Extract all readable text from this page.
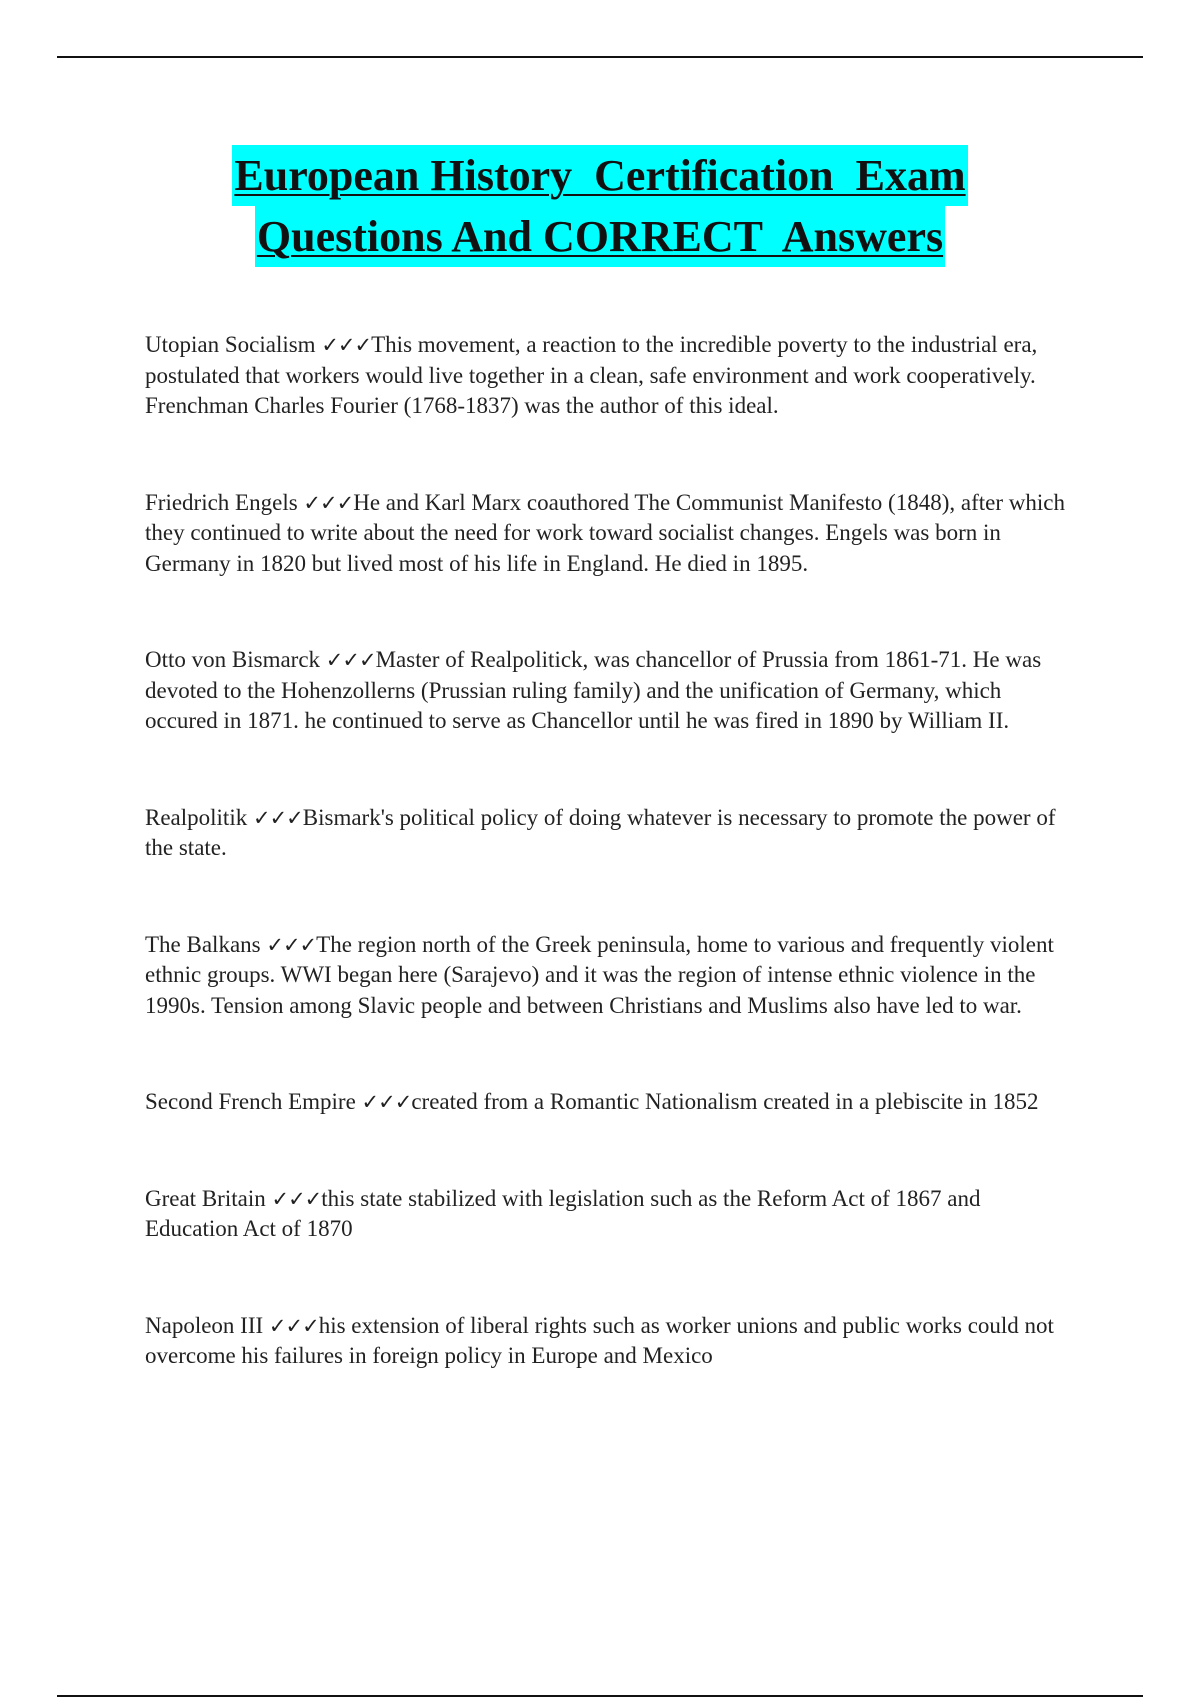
European History  Certification  Exam
Questions And CORRECT  Answers
Utopian Socialism ✓✓✓This movement, a reaction to the incredible poverty to the industrial era, postulated that workers would live together in a clean, safe environment and work cooperatively. Frenchman Charles Fourier (1768-1837) was the author of this ideal.
Friedrich Engels ✓✓✓He and Karl Marx coauthored The Communist Manifesto (1848), after which they continued to write about the need for work toward socialist changes. Engels was born in Germany in 1820 but lived most of his life in England. He died in 1895.
Otto von Bismarck ✓✓✓Master of Realpolitick, was chancellor of Prussia from 1861-71. He was devoted to the Hohenzollerns (Prussian ruling family) and the unification of Germany, which occured in 1871. he continued to serve as Chancellor until he was fired in 1890 by William II.
Realpolitik ✓✓✓Bismark's political policy of doing whatever is necessary to promote the power of the state.
The Balkans ✓✓✓The region north of the Greek peninsula, home to various and frequently violent ethnic groups. WWI began here (Sarajevo) and it was the region of intense ethnic violence in the 1990s. Tension among Slavic people and between Christians and Muslims also have led to war.
Second French Empire ✓✓✓created from a Romantic Nationalism created in a plebiscite in 1852
Great Britain ✓✓✓this state stabilized with legislation such as the Reform Act of 1867 and Education Act of 1870
Napoleon III ✓✓✓his extension of liberal rights such as worker unions and public works could not overcome his failures in foreign policy in Europe and Mexico
